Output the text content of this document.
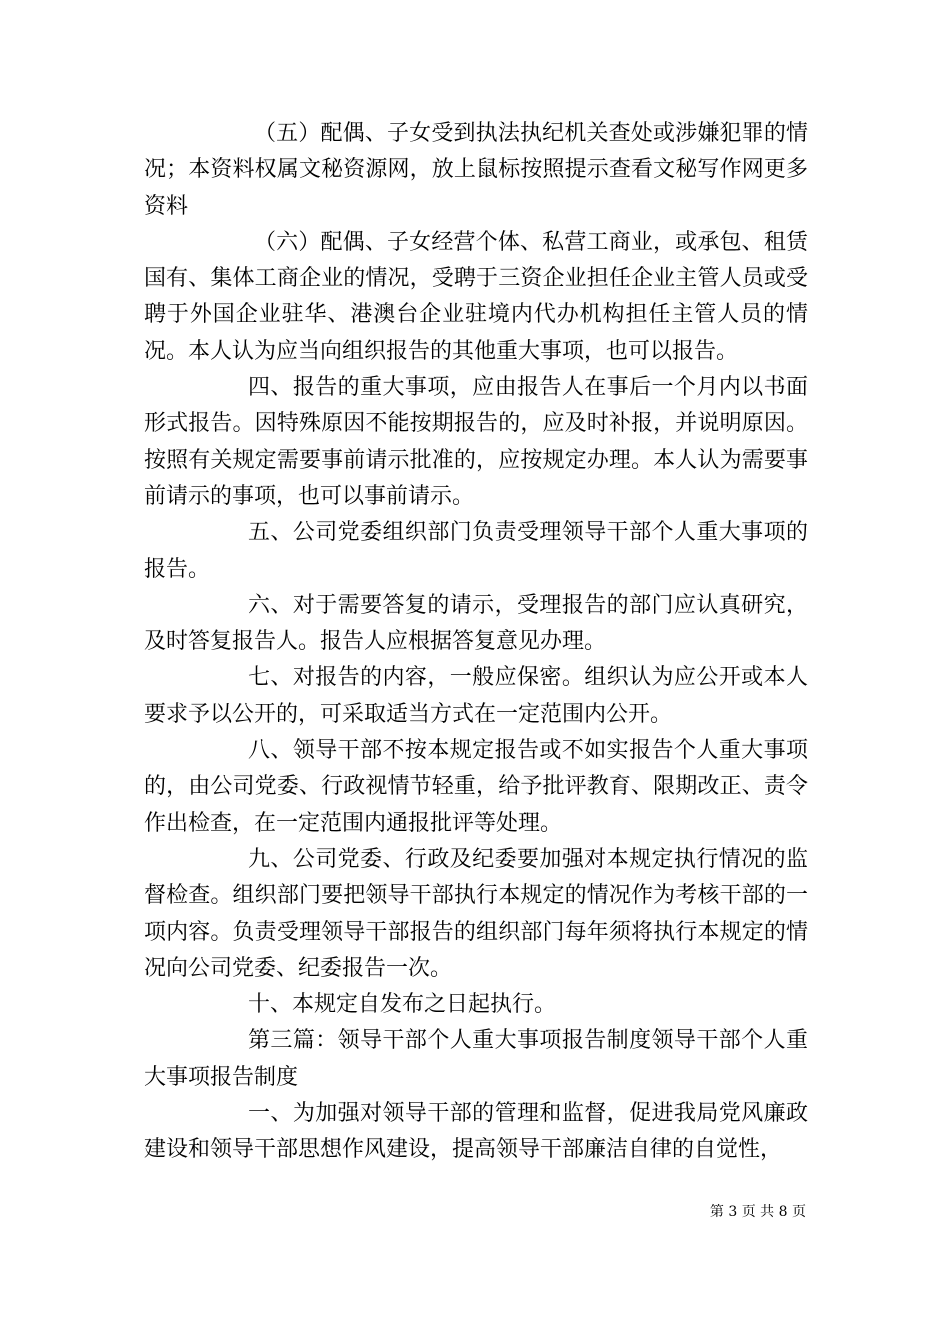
（五）配偶、子女受到执法执纪机关查处或涉嫌犯罪的情况；本资料权属文秘资源网，放上鼠标按照提示查看文秘写作网更多资料

（六）配偶、子女经营个体、私营工商业，或承包、租赁国有、集体工商企业的情况，受聘于三资企业担任企业主管人员或受聘于外国企业驻华、港澳台企业驻境内代办机构担任主管人员的情况。本人认为应当向组织报告的其他重大事项，也可以报告。

四、报告的重大事项，应由报告人在事后一个月内以书面形式报告。因特殊原因不能按期报告的，应及时补报，并说明原因。按照有关规定需要事前请示批准的，应按规定办理。本人认为需要事前请示的事项，也可以事前请示。

五、公司党委组织部门负责受理领导干部个人重大事项的报告。

六、对于需要答复的请示，受理报告的部门应认真研究，及时答复报告人。报告人应根据答复意见办理。

七、对报告的内容，一般应保密。组织认为应公开或本人要求予以公开的，可采取适当方式在一定范围内公开。

八、领导干部不按本规定报告或不如实报告个人重大事项的，由公司党委、行政视情节轻重，给予批评教育、限期改正、责令作出检查，在一定范围内通报批评等处理。

九、公司党委、行政及纪委要加强对本规定执行情况的监督检查。组织部门要把领导干部执行本规定的情况作为考核干部的一项内容。负责受理领导干部报告的组织部门每年须将执行本规定的情况向公司党委、纪委报告一次。

十、本规定自发布之日起执行。

第三篇：领导干部个人重大事项报告制度领导干部个人重大事项报告制度

一、为加强对领导干部的管理和监督，促进我局党风廉政建设和领导干部思想作风建设，提高领导干部廉洁自律的自觉性，

第 3 页 共 8 页
